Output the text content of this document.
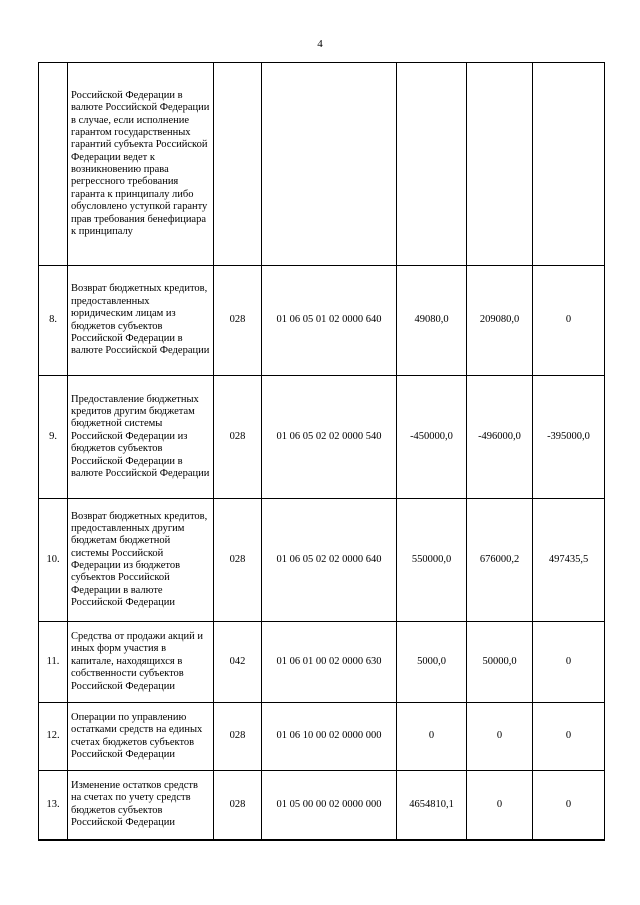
4
	Российской Федерации в валюте Российской Федерации в случае, если исполнение гарантом государственных гарантий субъекта Российской Федерации ведет к возникновению права регрессного требования гаранта к принципалу либо обусловлено уступкой гаранту прав требования бенефициара к принципалу					
8.	Возврат бюджетных кредитов, предоставленных юридическим лицам из бюджетов субъектов Российской Федерации в валюте Российской Федерации	028	01 06 05 01 02 0000 640	49080,0	209080,0	0
9.	Предоставление бюджетных кредитов другим бюджетам бюджетной системы Российской Федерации из бюджетов субъектов Российской Федерации в валюте Российской Федерации	028	01 06 05 02 02 0000 540	-450000,0	-496000,0	-395000,0
10.	Возврат бюджетных кредитов, предоставленных другим бюджетам бюджетной системы Российской Федерации из бюджетов субъектов Российской Федерации в валюте Российской Федерации	028	01 06 05 02 02 0000 640	550000,0	676000,2	497435,5
11.	Средства от продажи акций и иных форм участия в капитале, находящихся в собственности субъектов Российской Федерации	042	01 06 01 00 02 0000 630	5000,0	50000,0	0
12.	Операции по управлению остатками средств на единых счетах бюджетов субъектов Российской Федерации	028	01 06 10 00 02 0000 000	0	0	0
13.	Изменение остатков средств на счетах по учету средств бюджетов субъектов Российской Федерации	028	01 05 00 00 02 0000 000	4654810,1	0	0
